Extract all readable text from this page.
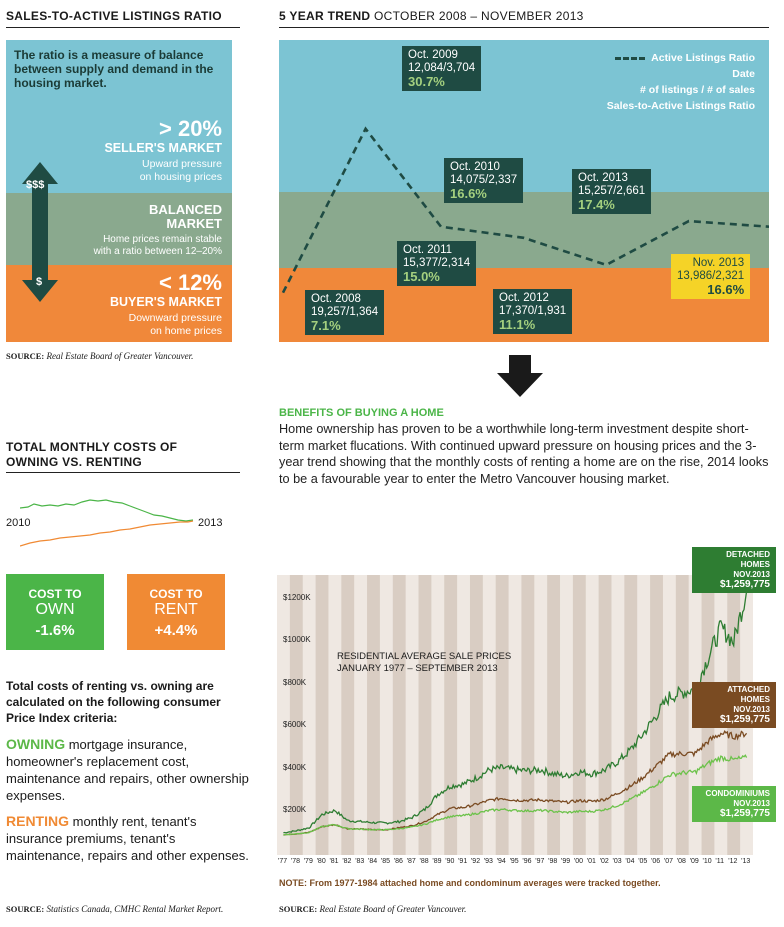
SALES-TO-ACTIVE LISTINGS RATIO
The ratio is a measure of balance between supply and demand in the housing market.
> 20%
SELLER'S MARKET
Upward pressure
on housing prices
BALANCED
MARKET
Home prices remain stable
with a ratio between 12–20%
< 12%
BUYER'S MARKET
Downward pressure
on home prices
$$$
$
SOURCE: Real Estate Board of Greater Vancouver.
5 YEAR TREND OCTOBER 2008 – NOVEMBER 2013
Active Listings Ratio
Date
# of listings / # of sales
Sales-to-Active Listings Ratio
Oct. 2008
19,257/1,364
7.1%
Oct. 2009
12,084/3,704
30.7%
Oct. 2010
14,075/2,337
16.6%
Oct. 2011
15,377/2,314
15.0%
Oct. 2012
17,370/1,931
11.1%
Oct. 2013
15,257/2,661
17.4%
Nov. 2013
13,986/2,321
16.6%
BENEFITS OF BUYING A HOME
Home ownership has proven to be a worthwhile long-term investment despite short-term market flucations. With continued upward pressure on housing prices and the 3-year trend showing that the monthly costs of renting a home are on the rise, 2014 looks to be a favourable year to enter the Metro Vancouver housing market.
TOTAL MONTHLY COSTS OF
OWNING VS. RENTING
2010	2013
COST TO
OWN
-1.6%
COST TO
RENT
+4.4%
Total costs of renting vs. owning are calculated on the following consumer Price Index criteria:
OWNING mortgage insurance, homeowner's replacement cost, maintenance and repairs, other ownership expenses.
RENTING monthly rent, tenant's insurance premiums, tenant's maintenance, repairs and other expenses.
SOURCE: Statistics Canada, CMHC Rental Market Report.
$200K
$400K
$600K
$800K
$1000K
$1200K
'77 '78 '79 '80 '81 '82 '83 '84 '85 '86 '87 '88 '89 '90 '91 '92 '93 '94 '95 '96 '97 '98 '99 '00 '01 '02 '03 '04 '05 '06 '07 '08 '09 '10 '11 '12 '13
RESIDENTIAL AVERAGE SALE PRICES
JANUARY 1977 – SEPTEMBER 2013
DETACHED HOMES
NOV.2013
$1,259,775
ATTACHED HOMES
NOV.2013
$1,259,775
CONDOMINIUMS
NOV.2013
$1,259,775
NOTE: From 1977-1984 attached home and condominum averages were tracked together.
SOURCE: Real Estate Board of Greater Vancouver.
